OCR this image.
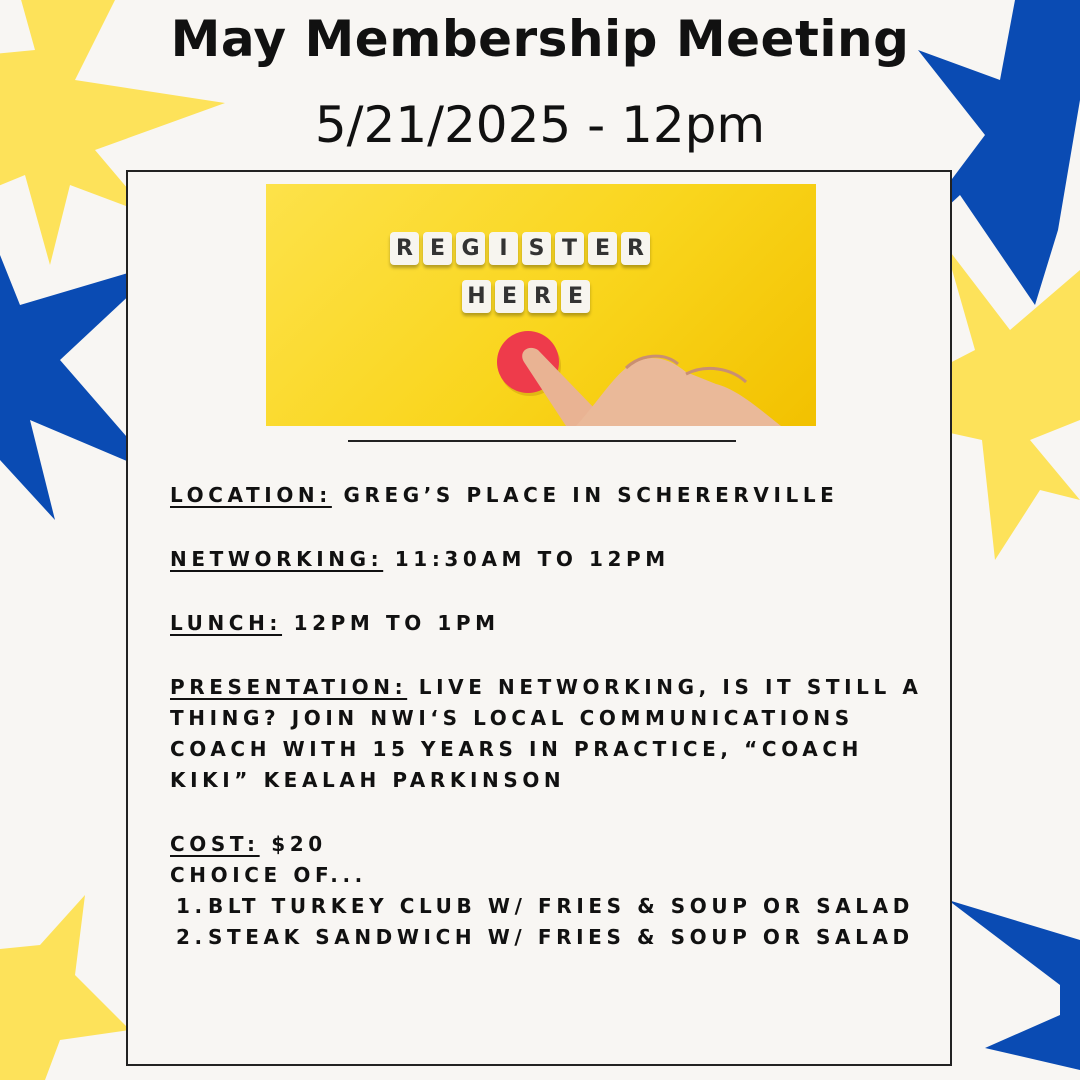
May Membership Meeting
5/21/2025 - 12pm
R E G I S T E R
H E R E

LOCATION: GREG’S PLACE IN SCHERERVILLE

NETWORKING: 11:30AM TO 12PM

LUNCH: 12PM TO 1PM

PRESENTATION: LIVE NETWORKING, IS IT STILL A THING? JOIN NWI‘S LOCAL COMMUNICATIONS COACH WITH 15 YEARS IN PRACTICE, “COACH KIKI” KEALAH PARKINSON

COST: $20

CHOICE OF...

1. BLT TURKEY CLUB W/ FRIES & SOUP OR SALAD
2. STEAK SANDWICH W/ FRIES & SOUP OR SALAD
